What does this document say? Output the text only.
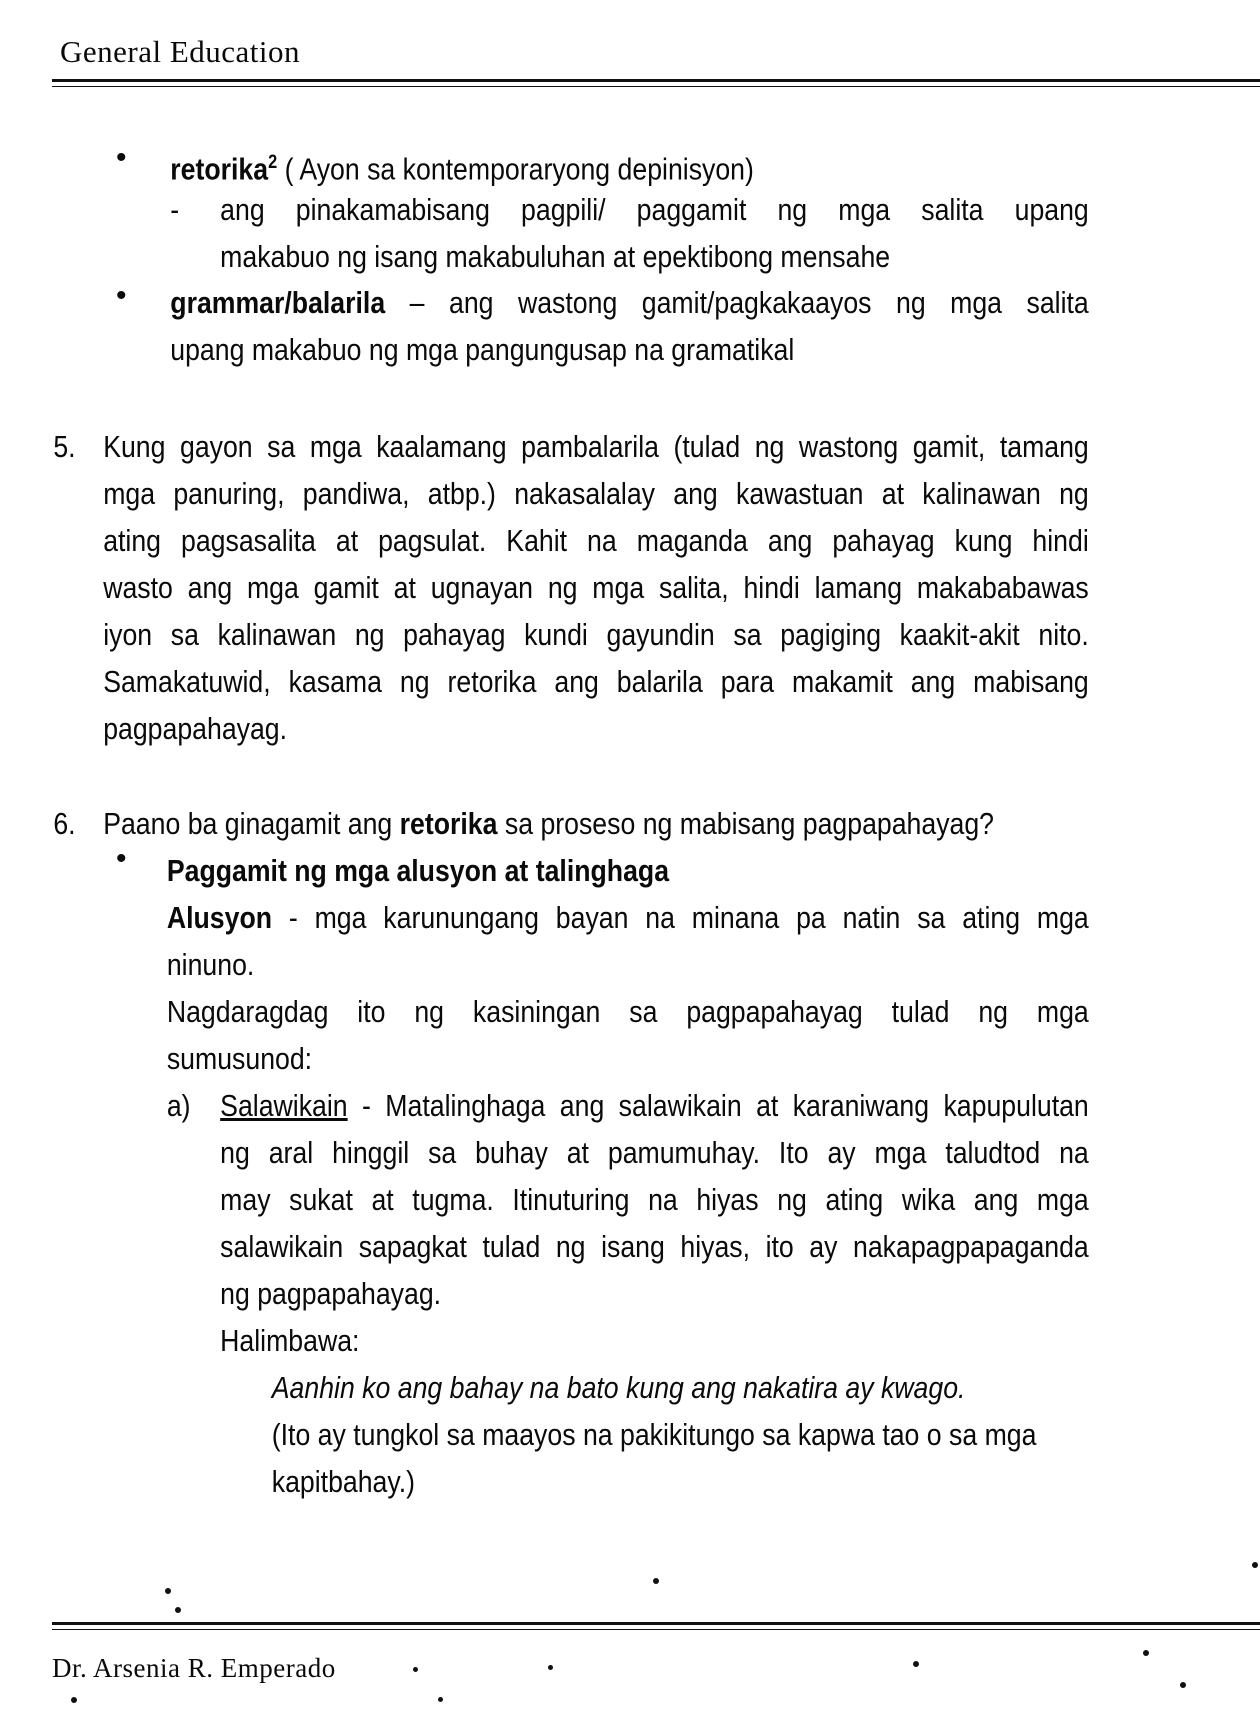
General Education
•
•
•
retorika$^2$ ( Ayon sa kontemporaryong depinisyon)
- ang pinakamabisang pagpili/ paggamit ng mga salita upang
makabuo ng isang makabuluhan at epektibong mensahe
grammar/balarila – ang wastong gamit/pagkakaayos ng mga salita
upang makabuo ng mga pangungusap na gramatikal
5. Kung gayon sa mga kaalamang pambalarila (tulad ng wastong gamit, tamang
mga panuring, pandiwa, atbp.) nakasalalay ang kawastuan at kalinawan ng
ating pagsasalita at pagsulat. Kahit na maganda ang pahayag kung hindi
wasto ang mga gamit at ugnayan ng mga salita, hindi lamang makababawas
iyon sa kalinawan ng pahayag kundi gayundin sa pagiging kaakit-akit nito.
Samakatuwid, kasama ng retorika ang balarila para makamit ang mabisang
pagpapahayag.
6. Paano ba ginagamit ang retorika sa proseso ng mabisang pagpapahayag?
Paggamit ng mga alusyon at talinghaga
Alusyon - mga karunungang bayan na minana pa natin sa ating mga
ninuno.
Nagdaragdag ito ng kasiningan sa pagpapahayag tulad ng mga
sumusunod:
a) Salawikain - Matalinghaga ang salawikain at karaniwang kapupulutan
ng aral hinggil sa buhay at pamumuhay. Ito ay mga taludtod na
may sukat at tugma. Itinuturing na hiyas ng ating wika ang mga
salawikain sapagkat tulad ng isang hiyas, ito ay nakapagpapaganda
ng pagpapahayag.
Halimbawa:
Aanhin ko ang bahay na bato kung ang nakatira ay kwago.
(Ito ay tungkol sa maayos na pakikitungo sa kapwa tao o sa mga
kapitbahay.)
Dr. Arsenia R. Emperado
